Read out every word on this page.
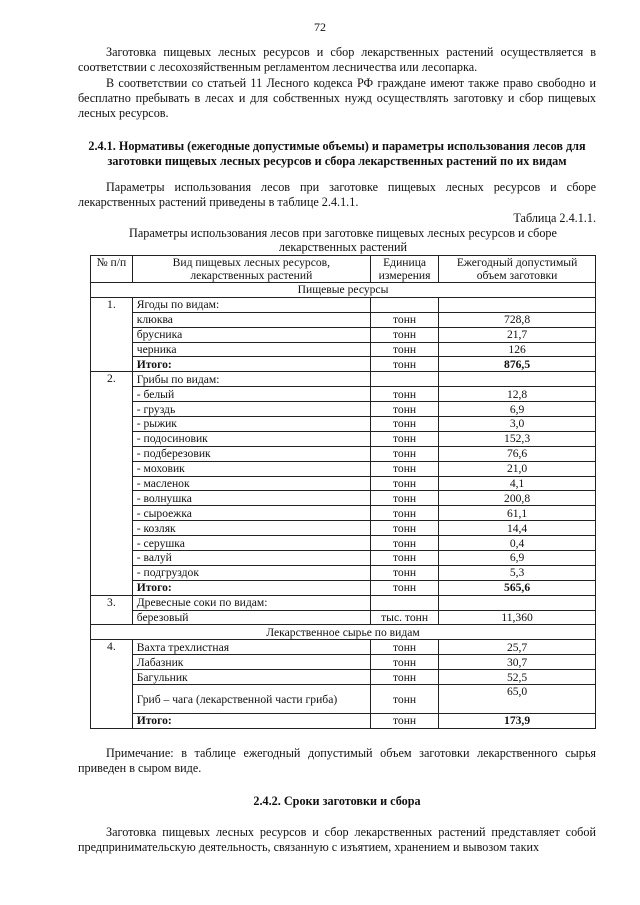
72
Заготовка пищевых лесных ресурсов и сбор лекарственных растений осуществляется в соответствии с лесохозяйственным регламентом лесничества или лесопарка.
В соответствии со статьей 11 Лесного кодекса РФ граждане имеют также право свободно и бесплатно пребывать в лесах и для собственных нужд осуществлять заготовку и сбор пищевых лесных ресурсов.
2.4.1. Нормативы (ежегодные допустимые объемы) и параметры использования лесов для заготовки пищевых лесных ресурсов и сбора лекарственных растений по их видам
Параметры использования лесов при заготовке пищевых лесных ресурсов и сборе лекарственных растений приведены в таблице 2.4.1.1.
Таблица 2.4.1.1.
Параметры использования лесов при заготовке пищевых лесных ресурсов и сборе лекарственных растений
№ п/п	Вид пищевых лесных ресурсов, лекарственных растений	Единица измерения	Ежегодный допустимый объем заготовки
Пищевые ресурсы			
1.	Ягоды по видам:		
	клюква	тонн	728,8
	брусника	тонн	21,7
	черника	тонн	126
	Итого:	тонн	876,5
2.	Грибы по видам:		
	- белый	тонн	12,8
	- груздь	тонн	6,9
	- рыжик	тонн	3,0
	- подосиновик	тонн	152,3
	- подберезовик	тонн	76,6
	- моховик	тонн	21,0
	- масленок	тонн	4,1
	- волнушка	тонн	200,8
	- сыроежка	тонн	61,1
	- козляк	тонн	14,4
	- серушка	тонн	0,4
	- валуй	тонн	6,9
	- подгруздок	тонн	5,3
	Итого:	тонн	565,6
3.	Древесные соки по видам:		
	березовый	тыс. тонн	11,360
Лекарственное сырье по видам			
4.	Вахта трехлистная	тонн	25,7
	Лабазник	тонн	30,7
	Багульник	тонн	52,5
	Гриб – чага (лекарственной части гриба)	тонн	65,0
	Итого:	тонн	173,9
Примечание: в таблице ежегодный допустимый объем заготовки лекарственного сырья приведен в сыром виде.
2.4.2. Сроки заготовки и сбора
Заготовка пищевых лесных ресурсов и сбор лекарственных растений представляет собой предпринимательскую деятельность, связанную с изъятием, хранением и вывозом таких
